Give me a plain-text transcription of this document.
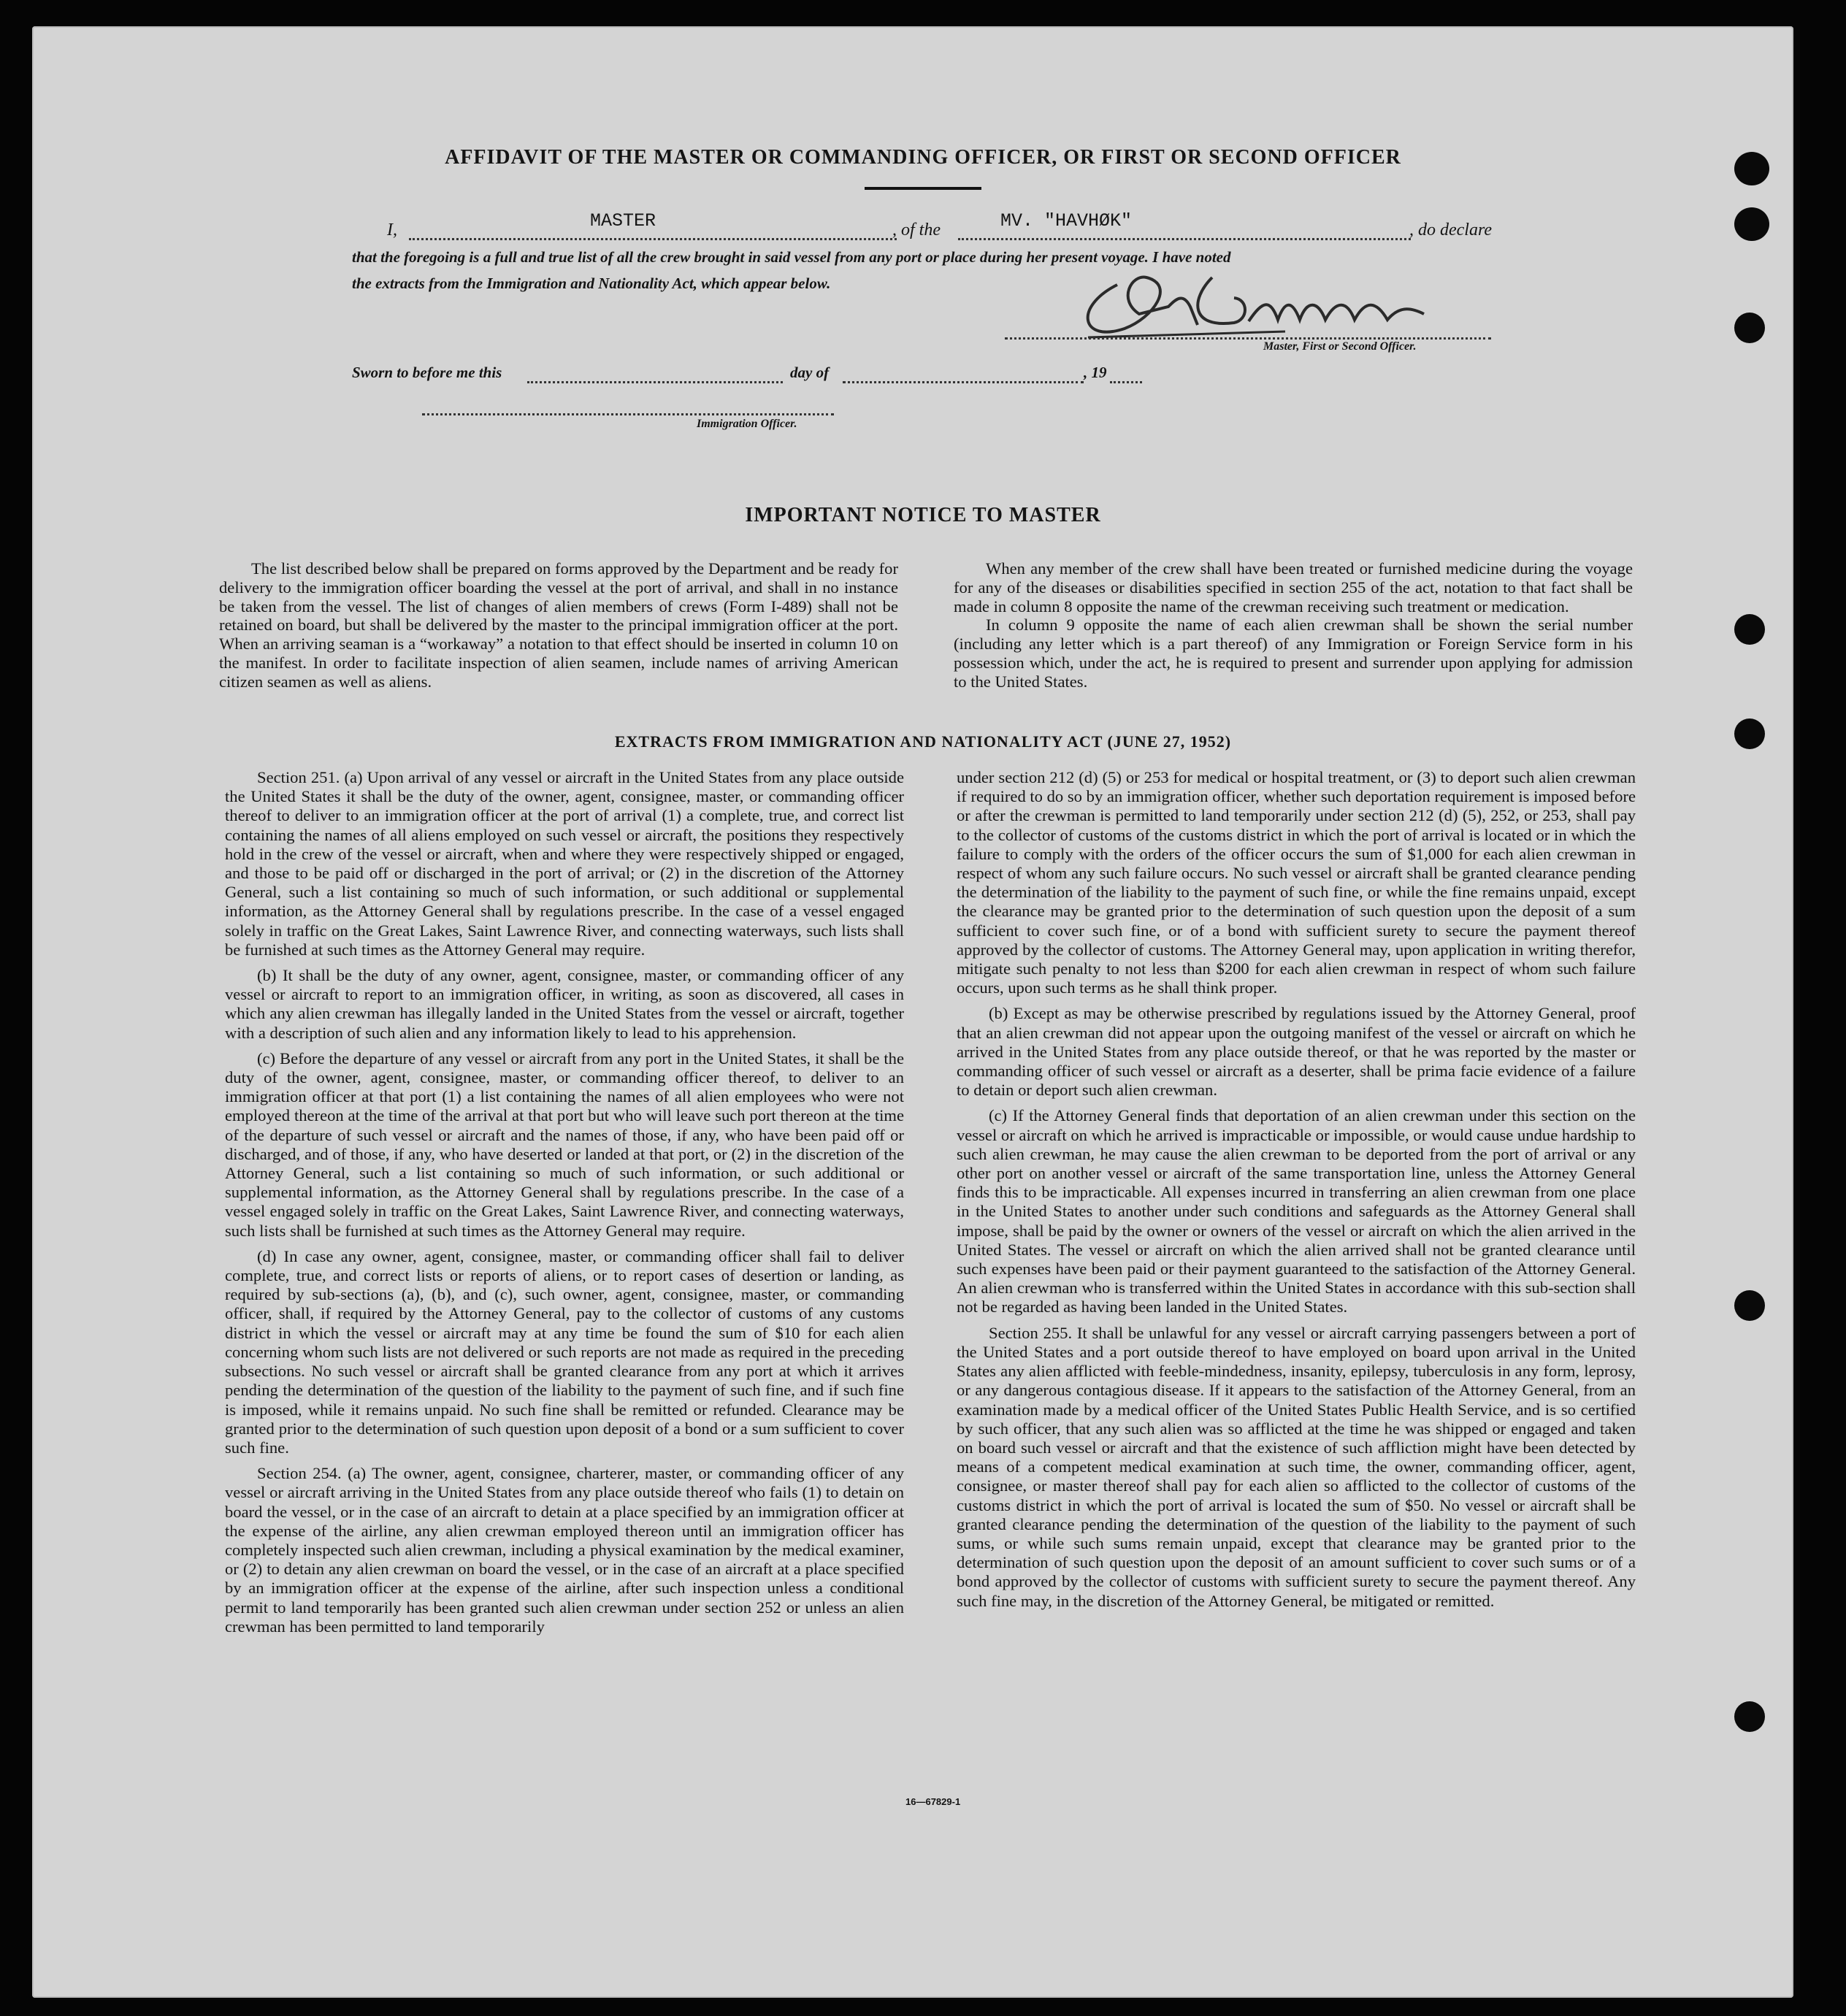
AFFIDAVIT OF THE MASTER OR COMMANDING OFFICER, OR FIRST OR SECOND OFFICER
I,	MASTER	, of the	MV. "HAVHØK"	, do declare
that the foregoing is a full and true list of all the crew brought in said vessel from any port or place during her present voyage. I have noted
the extracts from the Immigration and Nationality Act, which appear below.
Master, First or Second Officer.
Sworn to before me this	day of	, 19
Immigration Officer.
IMPORTANT NOTICE TO MASTER

The list described below shall be prepared on forms approved by the Department and be ready for delivery to the immigration officer boarding the vessel at the port of arrival, and shall in no instance be taken from the vessel. The list of changes of alien members of crews (Form I-489) shall not be retained on board, but shall be delivered by the master to the principal immigration officer at the port. When an arriving seaman is a “workaway” a notation to that effect should be inserted in column 10 on the manifest. In order to facilitate inspection of alien seamen, include names of arriving American citizen seamen as well as aliens.

When any member of the crew shall have been treated or furnished medicine during the voyage for any of the diseases or disabilities specified in section 255 of the act, notation to that fact shall be made in column 8 opposite the name of the crewman receiving such treatment or medication.

In column 9 opposite the name of each alien crewman shall be shown the serial number (including any letter which is a part thereof) of any Immigration or Foreign Service form in his possession which, under the act, he is required to present and surrender upon applying for admission to the United States.

EXTRACTS FROM IMMIGRATION AND NATIONALITY ACT (JUNE 27, 1952)

Section 251. (a) Upon arrival of any vessel or aircraft in the United States from any place outside the United States it shall be the duty of the owner, agent, consignee, master, or commanding officer thereof to deliver to an immigration officer at the port of arrival (1) a complete, true, and correct list containing the names of all aliens employed on such vessel or aircraft, the positions they respectively hold in the crew of the vessel or aircraft, when and where they were respectively shipped or engaged, and those to be paid off or discharged in the port of arrival; or (2) in the discretion of the Attorney General, such a list containing so much of such information, or such additional or supplemental information, as the Attorney General shall by regulations prescribe. In the case of a vessel engaged solely in traffic on the Great Lakes, Saint Lawrence River, and connecting waterways, such lists shall be furnished at such times as the Attorney General may require.

(b) It shall be the duty of any owner, agent, consignee, master, or commanding officer of any vessel or aircraft to report to an immigration officer, in writing, as soon as discovered, all cases in which any alien crewman has illegally landed in the United States from the vessel or aircraft, together with a description of such alien and any information likely to lead to his apprehension.

(c) Before the departure of any vessel or aircraft from any port in the United States, it shall be the duty of the owner, agent, consignee, master, or commanding officer thereof, to deliver to an immigration officer at that port (1) a list containing the names of all alien employees who were not employed thereon at the time of the arrival at that port but who will leave such port thereon at the time of the departure of such vessel or aircraft and the names of those, if any, who have been paid off or discharged, and of those, if any, who have deserted or landed at that port, or (2) in the discretion of the Attorney General, such a list containing so much of such information, or such additional or supplemental information, as the Attorney General shall by regulations prescribe. In the case of a vessel engaged solely in traffic on the Great Lakes, Saint Lawrence River, and connecting waterways, such lists shall be furnished at such times as the Attorney General may require.

(d) In case any owner, agent, consignee, master, or commanding officer shall fail to deliver complete, true, and correct lists or reports of aliens, or to report cases of desertion or landing, as required by sub-sections (a), (b), and (c), such owner, agent, consignee, master, or commanding officer, shall, if required by the Attorney General, pay to the collector of customs of any customs district in which the vessel or aircraft may at any time be found the sum of $10 for each alien concerning whom such lists are not delivered or such reports are not made as required in the preceding subsections. No such vessel or aircraft shall be granted clearance from any port at which it arrives pending the determination of the question of the liability to the payment of such fine, and if such fine is imposed, while it remains unpaid. No such fine shall be remitted or refunded. Clearance may be granted prior to the determination of such question upon deposit of a bond or a sum sufficient to cover such fine.

Section 254. (a) The owner, agent, consignee, charterer, master, or commanding officer of any vessel or aircraft arriving in the United States from any place outside thereof who fails (1) to detain on board the vessel, or in the case of an aircraft to detain at a place specified by an immigration officer at the expense of the airline, any alien crewman employed thereon until an immigration officer has completely inspected such alien crewman, including a physical examination by the medical examiner, or (2) to detain any alien crewman on board the vessel, or in the case of an aircraft at a place specified by an immigration officer at the expense of the airline, after such inspection unless a conditional permit to land temporarily has been granted such alien crewman under section 252 or unless an alien crewman has been permitted to land temporarily

under section 212 (d) (5) or 253 for medical or hospital treatment, or (3) to deport such alien crewman if required to do so by an immigration officer, whether such deportation requirement is imposed before or after the crewman is permitted to land temporarily under section 212 (d) (5), 252, or 253, shall pay to the collector of customs of the customs district in which the port of arrival is located or in which the failure to comply with the orders of the officer occurs the sum of $1,000 for each alien crewman in respect of whom any such failure occurs. No such vessel or aircraft shall be granted clearance pending the determination of the liability to the payment of such fine, or while the fine remains unpaid, except the clearance may be granted prior to the determination of such question upon the deposit of a sum sufficient to cover such fine, or of a bond with sufficient surety to secure the payment thereof approved by the collector of customs. The Attorney General may, upon application in writing therefor, mitigate such penalty to not less than $200 for each alien crewman in respect of whom such failure occurs, upon such terms as he shall think proper.

(b) Except as may be otherwise prescribed by regulations issued by the Attorney General, proof that an alien crewman did not appear upon the outgoing manifest of the vessel or aircraft on which he arrived in the United States from any place outside thereof, or that he was reported by the master or commanding officer of such vessel or aircraft as a deserter, shall be prima facie evidence of a failure to detain or deport such alien crewman.

(c) If the Attorney General finds that deportation of an alien crewman under this section on the vessel or aircraft on which he arrived is impracticable or impossible, or would cause undue hardship to such alien crewman, he may cause the alien crewman to be deported from the port of arrival or any other port on another vessel or aircraft of the same transportation line, unless the Attorney General finds this to be impracticable. All expenses incurred in transferring an alien crewman from one place in the United States to another under such conditions and safeguards as the Attorney General shall impose, shall be paid by the owner or owners of the vessel or aircraft on which the alien arrived in the United States. The vessel or aircraft on which the alien arrived shall not be granted clearance until such expenses have been paid or their payment guaranteed to the satisfaction of the Attorney General. An alien crewman who is transferred within the United States in accordance with this sub-section shall not be regarded as having been landed in the United States.

Section 255. It shall be unlawful for any vessel or aircraft carrying passengers between a port of the United States and a port outside thereof to have employed on board upon arrival in the United States any alien afflicted with feeble-mindedness, insanity, epilepsy, tuberculosis in any form, leprosy, or any dangerous contagious disease. If it appears to the satisfaction of the Attorney General, from an examination made by a medical officer of the United States Public Health Service, and is so certified by such officer, that any such alien was so afflicted at the time he was shipped or engaged and taken on board such vessel or aircraft and that the existence of such affliction might have been detected by means of a competent medical examination at such time, the owner, commanding officer, agent, consignee, or master thereof shall pay for each alien so afflicted to the collector of customs of the customs district in which the port of arrival is located the sum of $50. No vessel or aircraft shall be granted clearance pending the determination of the question of the liability to the payment of such sums, or while such sums remain unpaid, except that clearance may be granted prior to the determination of such question upon the deposit of an amount sufficient to cover such sums or of a bond approved by the collector of customs with sufficient surety to secure the payment thereof. Any such fine may, in the discretion of the Attorney General, be mitigated or remitted.

16—67829-1
